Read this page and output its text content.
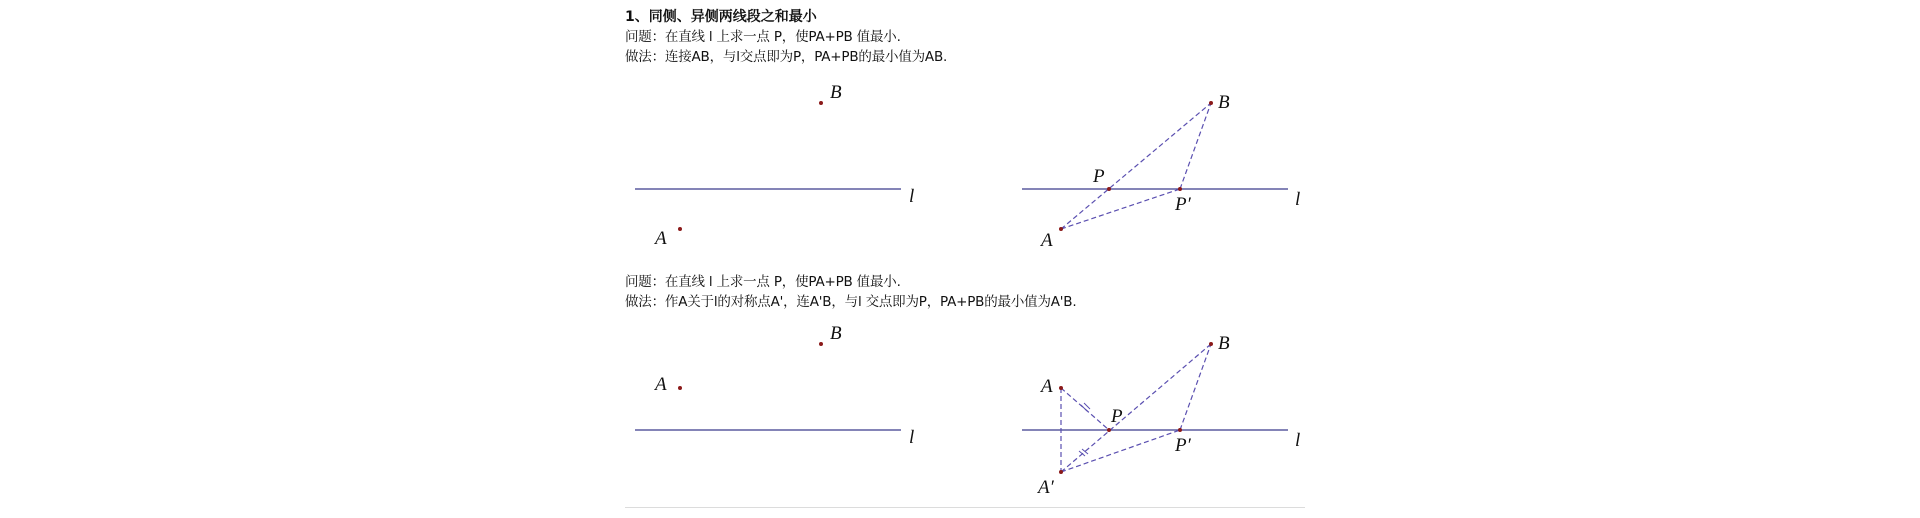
1、同侧、异侧两线段之和最小
问题：在直线 l 上求一点 P，使PA+PB 值最小.
做法：连接AB，与l交点即为P，PA+PB的最小值为AB.
B
A
l
B
P
P′
A
l
问题：在直线 l 上求一点 P，使PA+PB 值最小.
做法：作A关于l的对称点A'，连A'B，与l 交点即为P，PA+PB的最小值为A'B.
B
A
l
B
A
P
P′
A′
l
